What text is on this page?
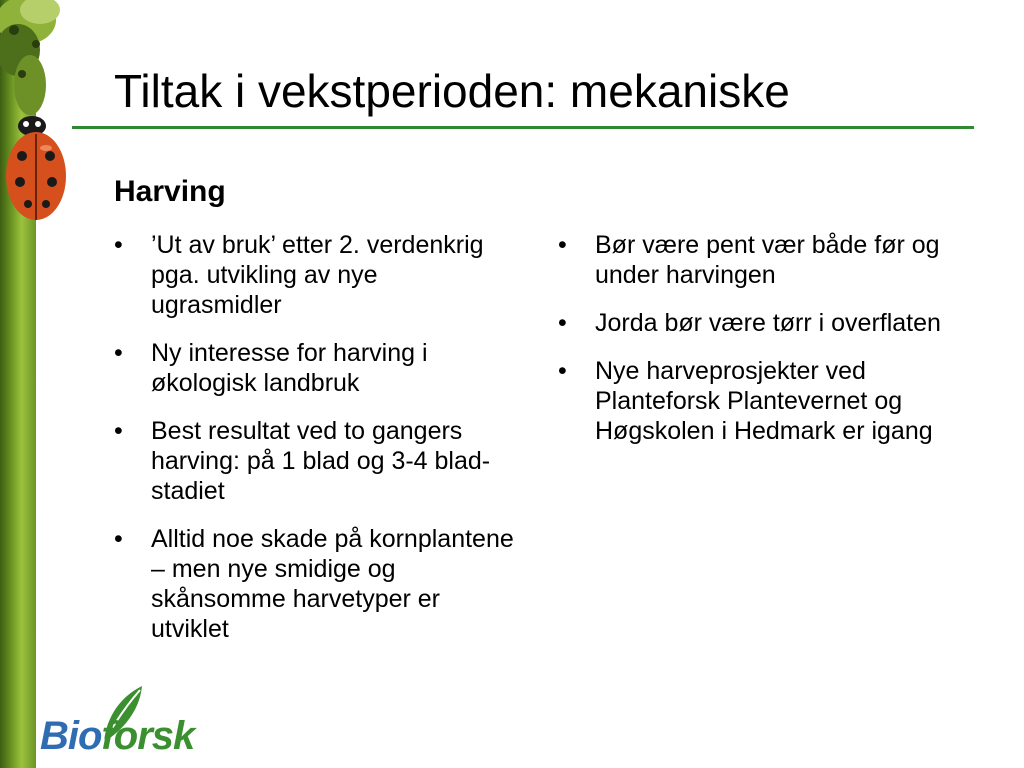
Tiltak i vekstperioden: mekaniske
Harving
• ’Ut av bruk’ etter 2. verdenkrig pga. utvikling av nye ugrasmidler
• Ny interesse for harving i økologisk landbruk
• Best resultat ved to gangers harving: på 1 blad og 3-4 blad-stadiet
• Alltid noe skade på kornplantene – men nye smidige og skånsomme harvetyper er utviklet
• Bør være pent vær både før og under harvingen
• Jorda bør være tørr i overflaten
• Nye harveprosjekter ved Planteforsk Plantevernet og Høgskolen i Hedmark er igang
Bioforsk
